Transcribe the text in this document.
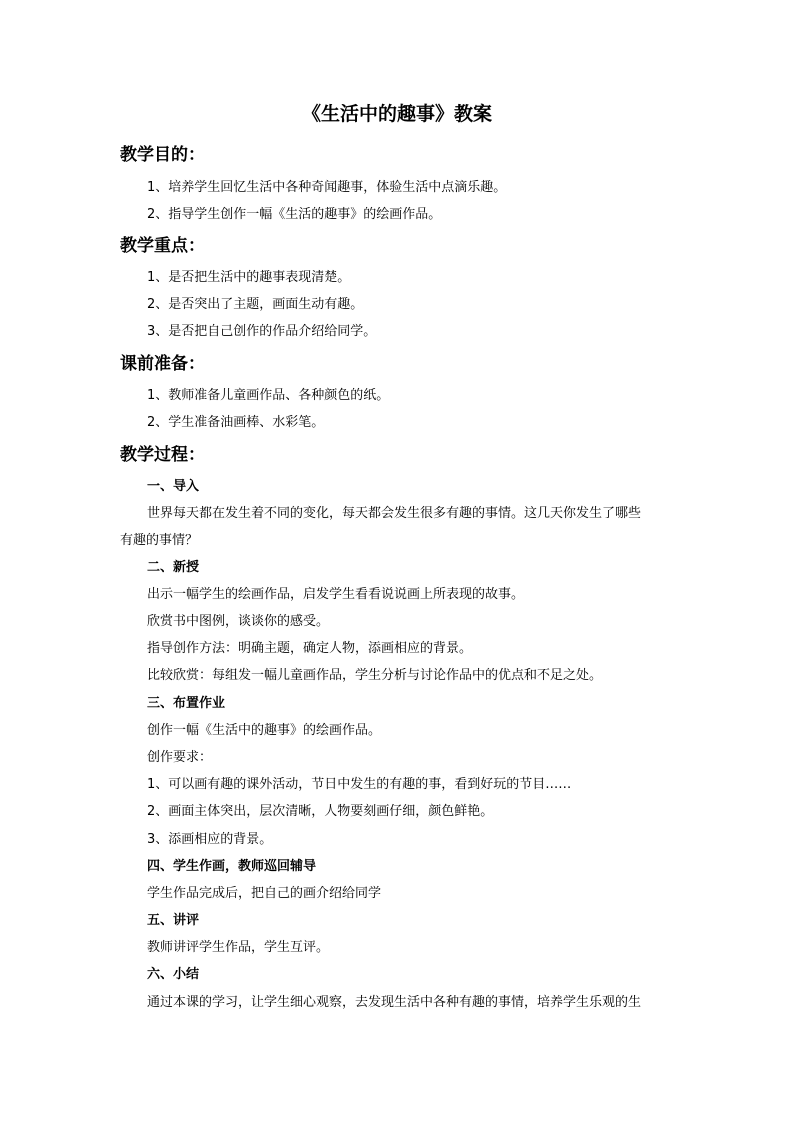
《生活中的趣事》教案
教学目的：
1、培养学生回忆生活中各种奇闻趣事，体验生活中点滴乐趣。
2、指导学生创作一幅《生活的趣事》的绘画作品。
教学重点：
1、是否把生活中的趣事表现清楚。
2、是否突出了主题，画面生动有趣。
3、是否把自己创作的作品介绍给同学。
课前准备：
1、教师准备儿童画作品、各种颜色的纸。
2、学生准备油画棒、水彩笔。
教学过程：
一、导入
世界每天都在发生着不同的变化，每天都会发生很多有趣的事情。这几天你发生了哪些
有趣的事情？
二、新授
出示一幅学生的绘画作品，启发学生看看说说画上所表现的故事。
欣赏书中图例，谈谈你的感受。
指导创作方法：明确主题，确定人物，添画相应的背景。
比较欣赏：每组发一幅儿童画作品，学生分析与讨论作品中的优点和不足之处。
三、布置作业
创作一幅《生活中的趣事》的绘画作品。
创作要求：
1、可以画有趣的课外活动，节日中发生的有趣的事，看到好玩的节目……
2、画面主体突出，层次清晰，人物要刻画仔细，颜色鲜艳。
3、添画相应的背景。
四、学生作画，教师巡回辅导
学生作品完成后，把自己的画介绍给同学
五、讲评
教师讲评学生作品，学生互评。
六、小结
通过本课的学习，让学生细心观察，去发现生活中各种有趣的事情，培养学生乐观的生
